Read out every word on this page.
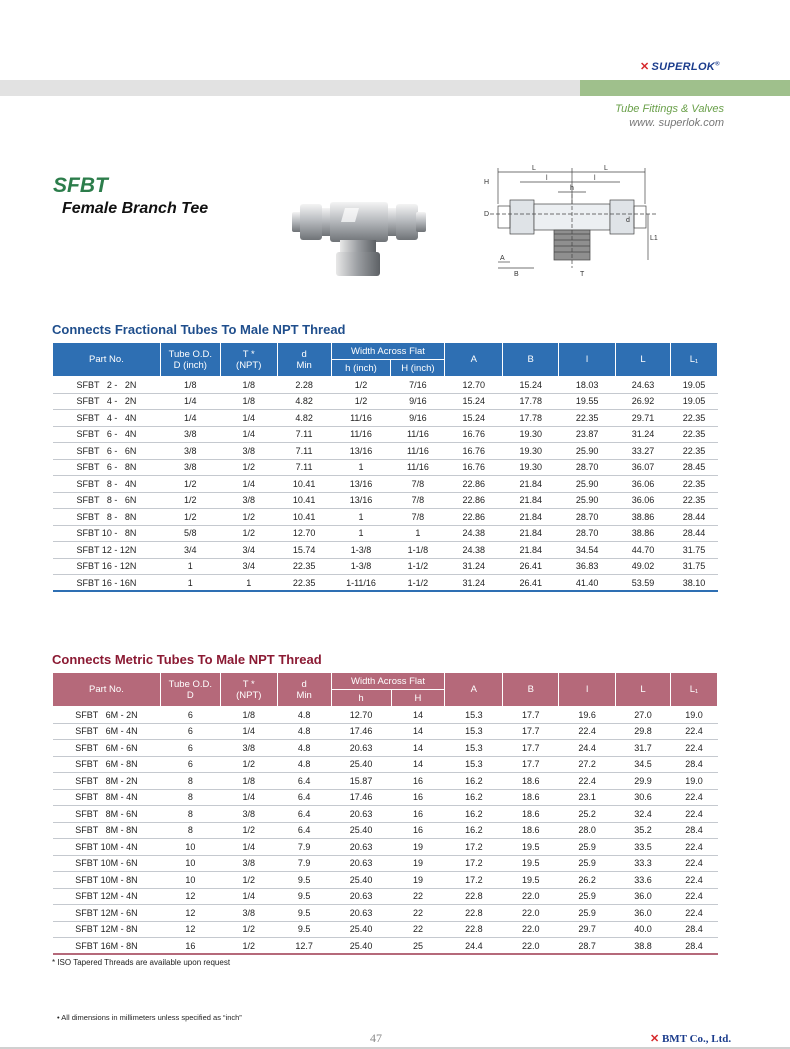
✕ SUPERLOK®
Tube Fittings & Valves
www. superlok.com
SFBT
Female Branch Tee
L	L
l	l
h
H
D
d
L1
A
B	T
Connects Fractional Tubes To Male NPT Thread
Part No.	Tube O.D.
D (inch)	T *
(NPT)	d
Min	Width Across Flat		A	B	l	L	L₁
				h (inch)	H (inch)					
SFBT   2 -   2N	1/8	1/8	2.28	1/2	7/16	12.70	15.24	18.03	24.63	19.05
SFBT   4 -   2N	1/4	1/8	4.82	1/2	9/16	15.24	17.78	19.55	26.92	19.05
SFBT   4 -   4N	1/4	1/4	4.82	11/16	9/16	15.24	17.78	22.35	29.71	22.35
SFBT   6 -   4N	3/8	1/4	7.11	11/16	11/16	16.76	19.30	23.87	31.24	22.35
SFBT   6 -   6N	3/8	3/8	7.11	13/16	11/16	16.76	19.30	25.90	33.27	22.35
SFBT   6 -   8N	3/8	1/2	7.11	1	11/16	16.76	19.30	28.70	36.07	28.45
SFBT   8 -   4N	1/2	1/4	10.41	13/16	7/8	22.86	21.84	25.90	36.06	22.35
SFBT   8 -   6N	1/2	3/8	10.41	13/16	7/8	22.86	21.84	25.90	36.06	22.35
SFBT   8 -   8N	1/2	1/2	10.41	1	7/8	22.86	21.84	28.70	38.86	28.44
SFBT 10 -   8N	5/8	1/2	12.70	1	1	24.38	21.84	28.70	38.86	28.44
SFBT 12 - 12N	3/4	3/4	15.74	1-3/8	1-1/8	24.38	21.84	34.54	44.70	31.75
SFBT 16 - 12N	1	3/4	22.35	1-3/8	1-1/2	31.24	26.41	36.83	49.02	31.75
SFBT 16 - 16N	1	1	22.35	1-11/16	1-1/2	31.24	26.41	41.40	53.59	38.10
Connects Metric Tubes To Male NPT Thread
Part No.	Tube O.D.
D	T *
(NPT)	d
Min	Width Across Flat		A	B	l	L	L₁
				h	H					
SFBT   6M - 2N	6	1/8	4.8	12.70	14	15.3	17.7	19.6	27.0	19.0
SFBT   6M - 4N	6	1/4	4.8	17.46	14	15.3	17.7	22.4	29.8	22.4
SFBT   6M - 6N	6	3/8	4.8	20.63	14	15.3	17.7	24.4	31.7	22.4
SFBT   6M - 8N	6	1/2	4.8	25.40	14	15.3	17.7	27.2	34.5	28.4
SFBT   8M - 2N	8	1/8	6.4	15.87	16	16.2	18.6	22.4	29.9	19.0
SFBT   8M - 4N	8	1/4	6.4	17.46	16	16.2	18.6	23.1	30.6	22.4
SFBT   8M - 6N	8	3/8	6.4	20.63	16	16.2	18.6	25.2	32.4	22.4
SFBT   8M - 8N	8	1/2	6.4	25.40	16	16.2	18.6	28.0	35.2	28.4
SFBT 10M - 4N	10	1/4	7.9	20.63	19	17.2	19.5	25.9	33.5	22.4
SFBT 10M - 6N	10	3/8	7.9	20.63	19	17.2	19.5	25.9	33.3	22.4
SFBT 10M - 8N	10	1/2	9.5	25.40	19	17.2	19.5	26.2	33.6	22.4
SFBT 12M - 4N	12	1/4	9.5	20.63	22	22.8	22.0	25.9	36.0	22.4
SFBT 12M - 6N	12	3/8	9.5	20.63	22	22.8	22.0	25.9	36.0	22.4
SFBT 12M - 8N	12	1/2	9.5	25.40	22	22.8	22.0	29.7	40.0	28.4
SFBT 16M - 8N	16	1/2	12.7	25.40	25	24.4	22.0	28.7	38.8	28.4
* ISO Tapered Threads are available upon request
• All dimensions in millimeters unless specified as “inch”
47	✕ BMT Co., Ltd.
